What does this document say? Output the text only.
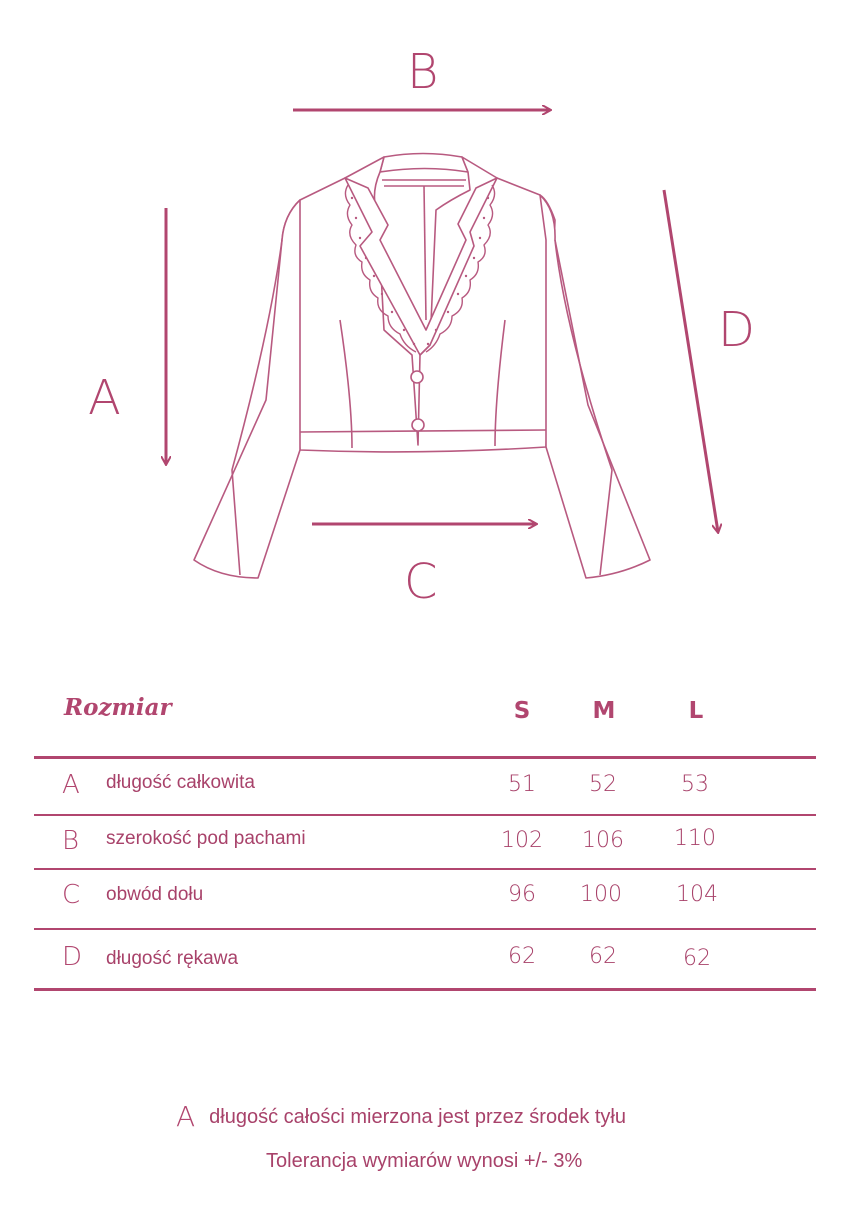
B
A
D
C
Rozmiar	S	M	L
A	długość całkowita	51	52	53
B	szerokość pod pachami	102	106	110
C	obwód dołu	96	100	104
D	długość rękawa	62	62	62
A długość całości mierzona jest przez środek tyłu
Tolerancja wymiarów wynosi +/- 3%
